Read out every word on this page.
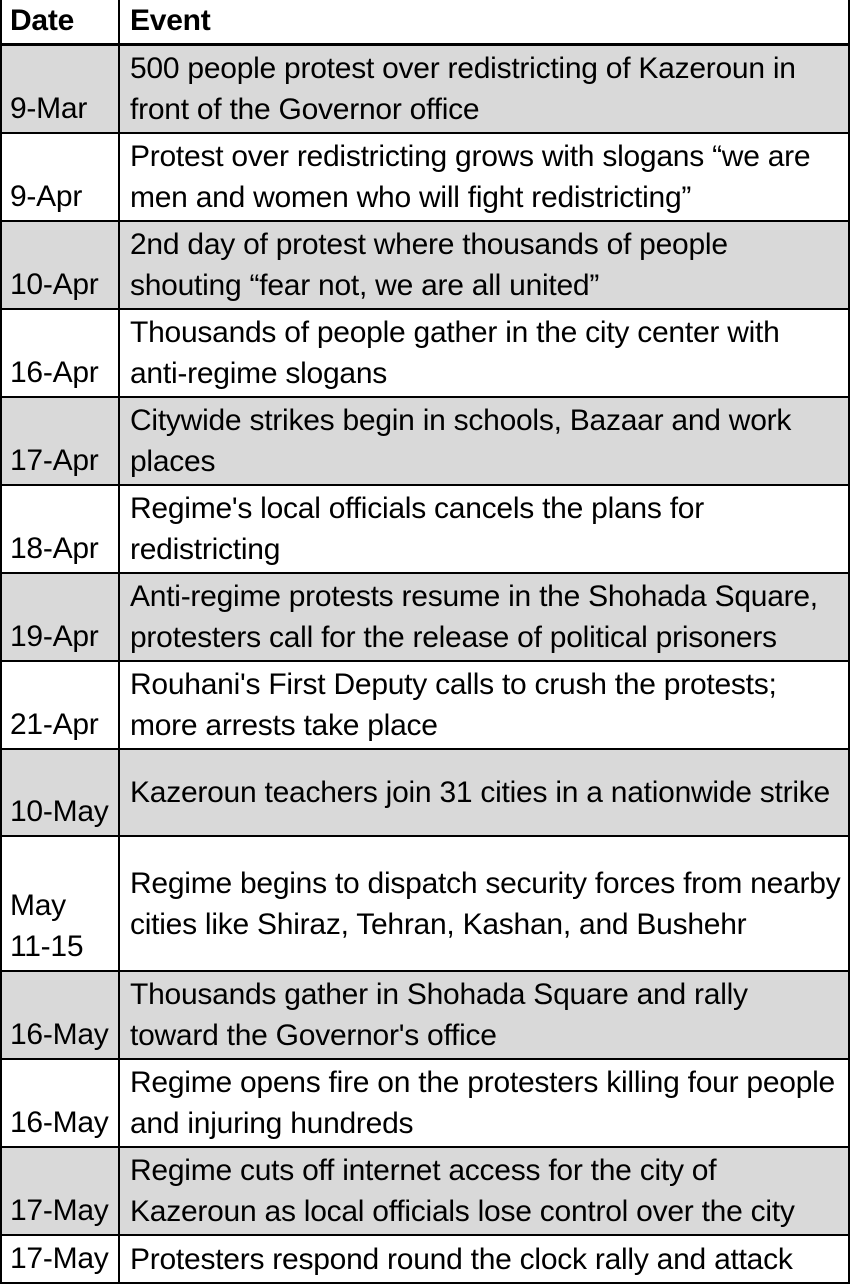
Date	Event
9-Mar	500 people protest over redistricting of Kazeroun in front of the Governor office
9-Apr	Protest over redistricting grows with slogans “we are men and women who will fight redistricting”
10-Apr	2nd day of protest where thousands of people shouting “fear not, we are all united”
16-Apr	Thousands of people gather in the city center with anti-regime slogans
17-Apr	Citywide strikes begin in schools, Bazaar and work places
18-Apr	Regime's local officials cancels the plans for redistricting
19-Apr	Anti-regime protests resume in the Shohada Square, protesters call for the release of political prisoners
21-Apr	Rouhani's First Deputy calls to crush the protests; more arrests take place
10-May	Kazeroun teachers join 31 cities in a nationwide strike
May 11-15	Regime begins to dispatch security forces from nearby cities like Shiraz, Tehran, Kashan, and Bushehr
16-May	Thousands gather in Shohada Square and rally toward the Governor's office
16-May	Regime opens fire on the protesters killing four people and injuring hundreds
17-May	Regime cuts off internet access for the city of Kazeroun as local officials lose control over the city
17-May	Protesters respond round the clock rally and attack
